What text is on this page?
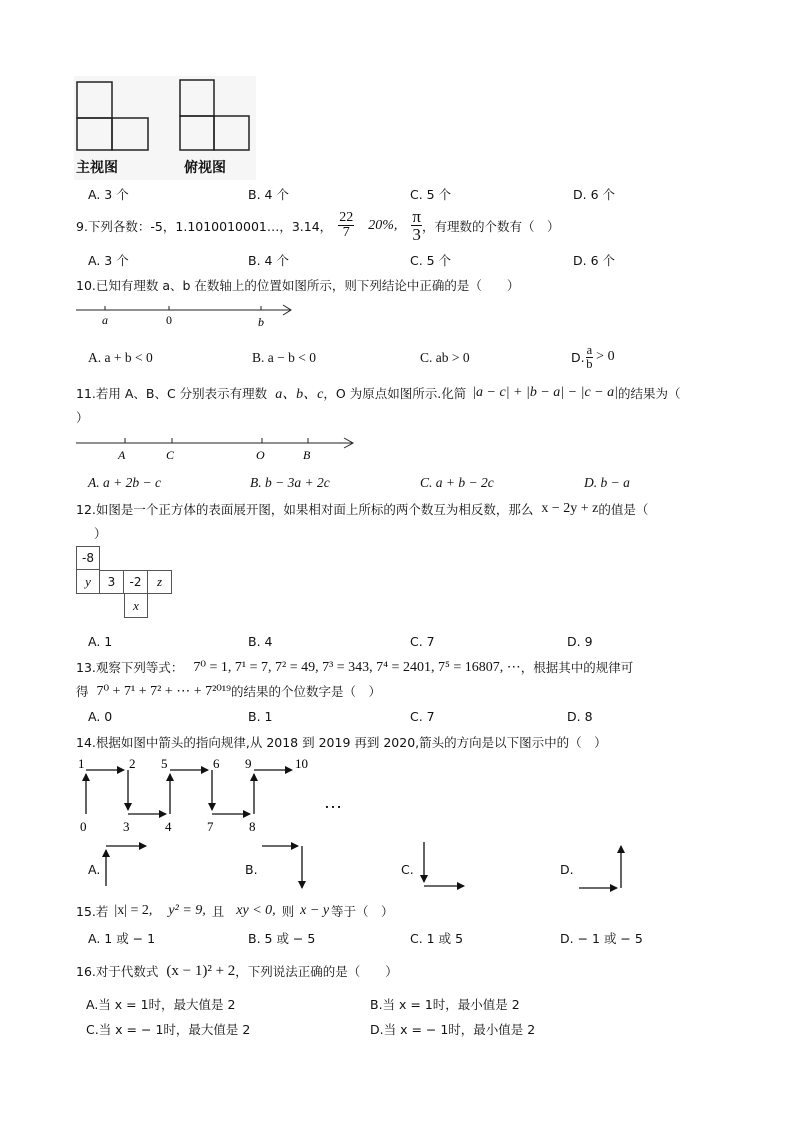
主视图	俯视图
A. 3 个	B. 4 个	C. 5 个	D. 6 个
9.下列各数：-5，1.1010010001…，3.14， $\frac{22}{7} 20\%$, $\frac{\pi}{3}$ ，有理数的个数有（　）
A. 3 个	B. 4 个	C. 5 个	D. 6 个
10.已知有理数 a、b 在数轴上的位置如图所示，则下列结论中正确的是（　　）
a	0	b
A. a + b < 0	B. a − b < 0	C. ab > 0	D. $\frac{a}{b} > 0$
11.若用 A、B、C 分别表示有理数 a、b、c ，O 为原点如图所示.化简 |a − c| + |b − a| − |c − a| 的结果为（
）
A	C	O	B
A. a + 2b − c	B. b − 3a + 2c	C. a + b − 2c	D. b − a
12.如图是一个正方体的表面展开图，如果相对面上所标的两个数互为相反数，那么 x − 2y + z 的值是（
）
-8
y	3	-2	z
x
A. 1	B. 4	C. 7	D. 9
13.观察下列等式： 7⁰ = 1, 7¹ = 7, 7² = 49, 7³ = 343, 7⁴ = 2401, 7⁵ = 16807, ⋯ ，根据其中的规律可
得 7⁰ + 7¹ + 7² + ⋯ + 7²⁰¹⁹ 的结果的个位数字是（　）
A. 0	B. 1	C. 7	D. 8
14.根据如图中箭头的指向规律,从 2018 到 2019 再到 2020,箭头的方向是以下图示中的（　）
1	2 5	6 9	10
0	3	4	7	8
…
A.	B.	C.	D.
15.若 |x| = 2, y² = 9, 且 xy < 0, 则 x − y 等于（　）
A. 1 或 − 1	B. 5 或 − 5	C. 1 或 5	D. − 1 或 − 5
16.对于代数式 (x − 1)² + 2 ，下列说法正确的是（　　）
A.当 x = 1时，最大值是 2	B.当 x = 1时，最小值是 2
C.当 x = − 1时，最大值是 2	D.当 x = − 1时，最小值是 2
